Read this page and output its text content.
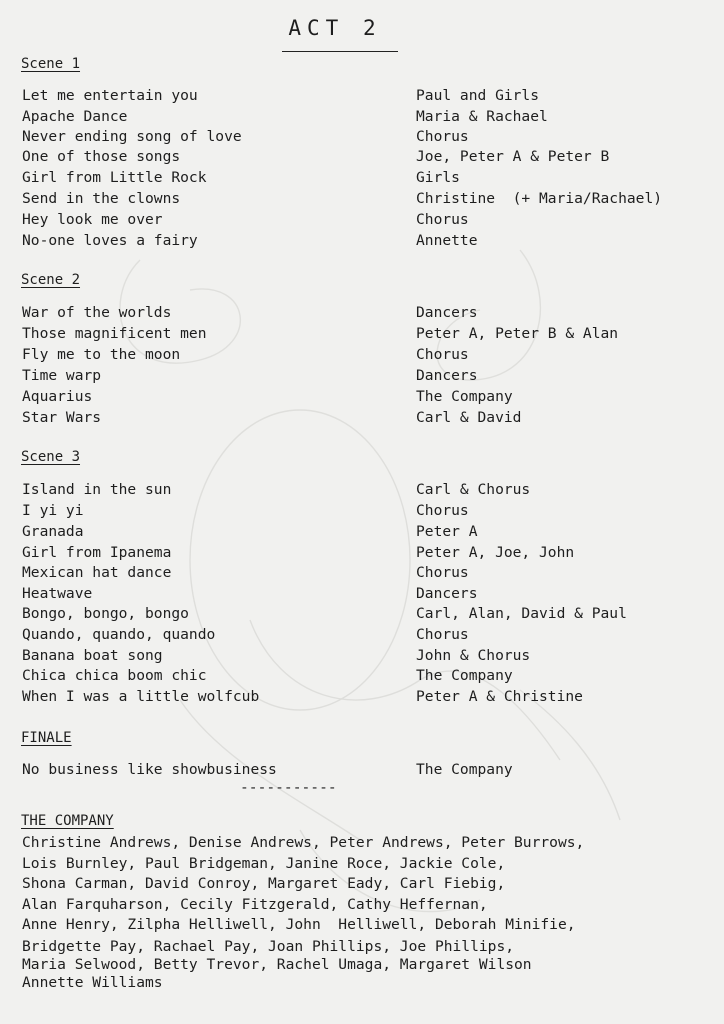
ACT 2
Scene 1
Let me entertain you	Paul and Girls
Apache Dance	Maria & Rachael
Never ending song of love	Chorus
One of those songs	Joe, Peter A & Peter B
Girl from Little Rock	Girls
Send in the clowns	Christine  (+ Maria/Rachael)
Hey look me over	Chorus
No-one loves a fairy	Annette
Scene 2
War of the worlds	Dancers
Those magnificent men	Peter A, Peter B & Alan
Fly me to the moon	Chorus
Time warp	Dancers
Aquarius	The Company
Star Wars	Carl & David
Scene 3
Island in the sun	Carl & Chorus
I yi yi	Chorus
Granada	Peter A
Girl from Ipanema	Peter A, Joe, John
Mexican hat dance	Chorus
Heatwave	Dancers
Bongo, bongo, bongo	Carl, Alan, David & Paul
Quando, quando, quando	Chorus
Banana boat song	John & Chorus
Chica chica boom chic	The Company
When I was a little wolfcub	Peter A & Christine
FINALE
No business like showbusiness	The Company
-----------
THE COMPANY
Christine Andrews, Denise Andrews, Peter Andrews, Peter Burrows,
Lois Burnley, Paul Bridgeman, Janine Roce, Jackie Cole,
Shona Carman, David Conroy, Margaret Eady, Carl Fiebig,
Alan Farquharson, Cecily Fitzgerald, Cathy Heffernan,
Anne Henry, Zilpha Helliwell, John  Helliwell, Deborah Minifie,
Bridgette Pay, Rachael Pay, Joan Phillips, Joe Phillips,
Maria Selwood, Betty Trevor, Rachel Umaga, Margaret Wilson
Annette Williams
